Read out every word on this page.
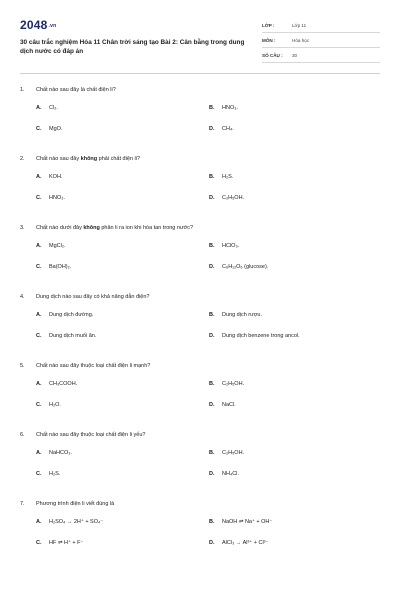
2048.vn
30 câu trắc nghiệm Hóa 11 Chân trời sáng tạo Bài 2: Cân bằng trong dung dịch nước có đáp án
LỚP :	Lớp 11
MÔN :	Hóa học
SỐ CÂU :	30
1.	Chất nào sau đây là chất điện li?
A.	Cl₂.	B.	HNO₃.
C.	MgO.	D.	CH₄.
2.	Chất nào sau đây không phải chất điện li?
A.	KOH.	B.	H₂S.
C.	HNO₃.	D.	C₂H₅OH.
3.	Chất nào dưới đây không phân li ra ion khi hòa tan trong nước?
A.	MgCl₂.	B.	HClO₃.
C.	Ba(OH)₂.	D.	C₆H₁₂O₆ (glucose).
4.	Dung dịch nào sau đây có khả năng dẫn điện?
A.	Dung dịch đường.	B.	Dung dịch rượu.
C.	Dung dịch muối ăn.	D.	Dung dịch benzene trong ancol.
5.	Chất nào sau đây thuộc loại chất điện li mạnh?
A.	CH₃COOH.	B.	C₂H₅OH.
C.	H₂O.	D.	NaCl.
6.	Chất nào sau đây thuộc loại chất điện li yếu?
A.	NaHCO₃.	B.	C₂H₅OH.
C.	H₂S.	D.	NH₄Cl.
7.	Phương trình điện li viết đúng là
A.	H₂SO₄ → 2H⁺ + SO₄⁻	B.	NaOH ⇌ Na⁺ + OH⁻
C.	HF ⇌ H⁺ + F⁻	D.	AlCl₃ → Al³⁺ + Cl³⁻
